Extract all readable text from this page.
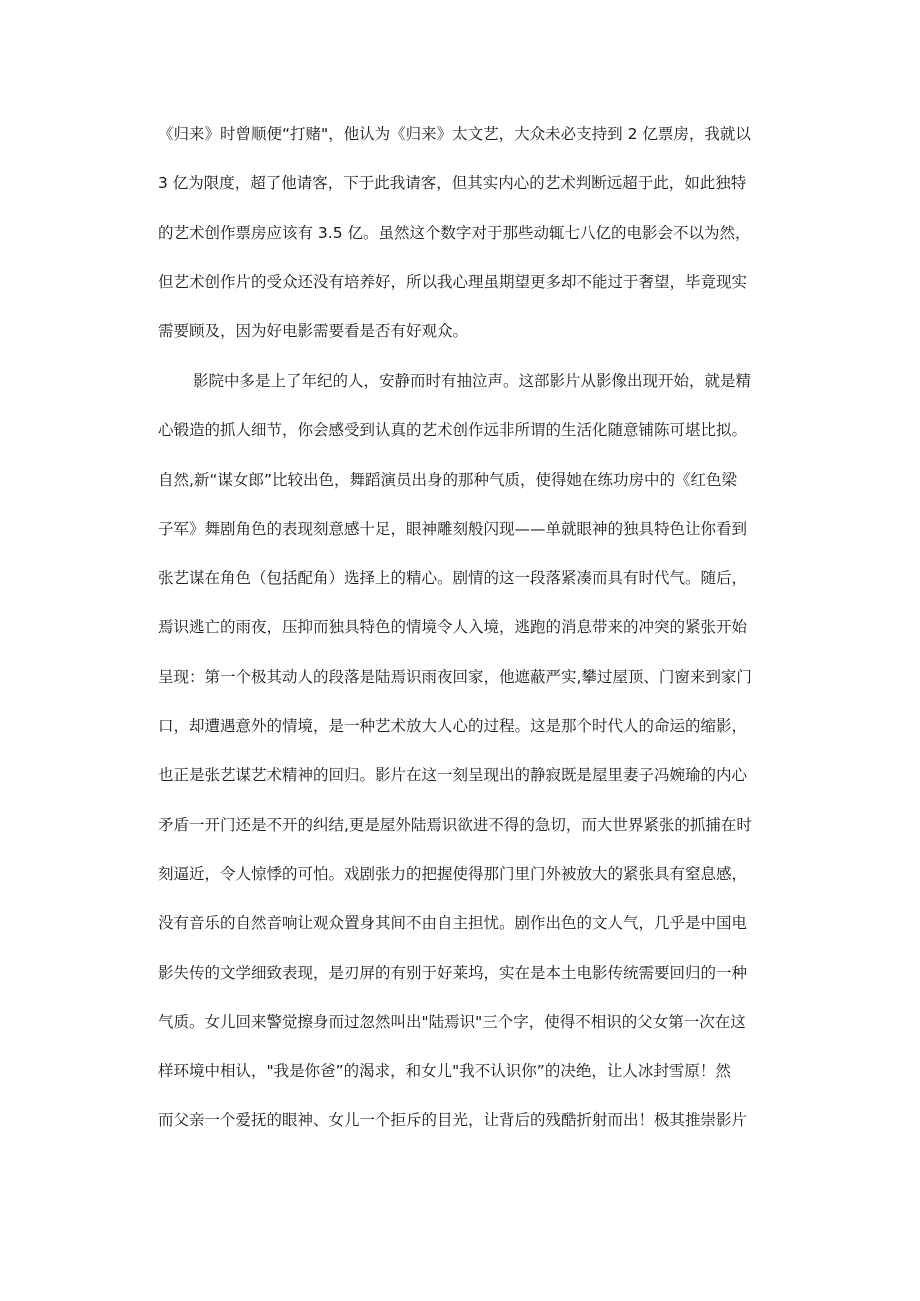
《归来》时曾顺便“打赌"，他认为《归来》太文艺，大众未必支持到 2 亿票房，我就以
3 亿为限度，超了他请客，下于此我请客，但其实内心的艺术判断远超于此，如此独特
的艺术创作票房应该有 3.5 亿。虽然这个数字对于那些动辄七八亿的电影会不以为然，
但艺术创作片的受众还没有培养好，所以我心理虽期望更多却不能过于奢望，毕竟现实
需要顾及，因为好电影需要看是否有好观众。
影院中多是上了年纪的人，安静而时有抽泣声。这部影片从影像出现开始，就是精
心锻造的抓人细节，你会感受到认真的艺术创作远非所谓的生活化随意铺陈可堪比拟。
自然,新“谋女郎”比较出色，舞蹈演员出身的那种气质，使得她在练功房中的《红色梁
子军》舞剧角色的表现刻意感十足，眼神雕刻般闪现——单就眼神的独具特色让你看到
张艺谋在角色（包括配角）选择上的精心。剧情的这一段落紧凑而具有时代气。随后，
焉识逃亡的雨夜，压抑而独具特色的情境令人入境，逃跑的消息带来的冲突的紧张开始
呈现：第一个极其动人的段落是陆焉识雨夜回家，他遮蔽严实,攀过屋顶、门窗来到家门
口，却遭遇意外的情境，是一种艺术放大人心的过程。这是那个时代人的命运的缩影，
也正是张艺谋艺术精神的回归。影片在这一刻呈现出的静寂既是屋里妻子冯婉瑜的内心
矛盾一开门还是不开的纠结,更是屋外陆焉识欲进不得的急切，而大世界紧张的抓捕在时
刻逼近，令人惊悸的可怕。戏剧张力的把握使得那门里门外被放大的紧张具有窒息感，
没有音乐的自然音响让观众置身其间不由自主担忧。剧作出色的文人气，几乎是中国电
影失传的文学细致表现，是刃屏的有别于好莱坞，实在是本土电影传统需要回归的一种
气质。女儿回来警觉擦身而过忽然叫出"陆焉识"三个字，使得不相识的父女第一次在这
样环境中相认，"我是你爸”的渴求，和女儿"我不认识你”的决绝，让人冰封雪原！然
而父亲一个爱抚的眼神、女儿一个拒斥的目光，让背后的残酷折射而出！极其推崇影片
